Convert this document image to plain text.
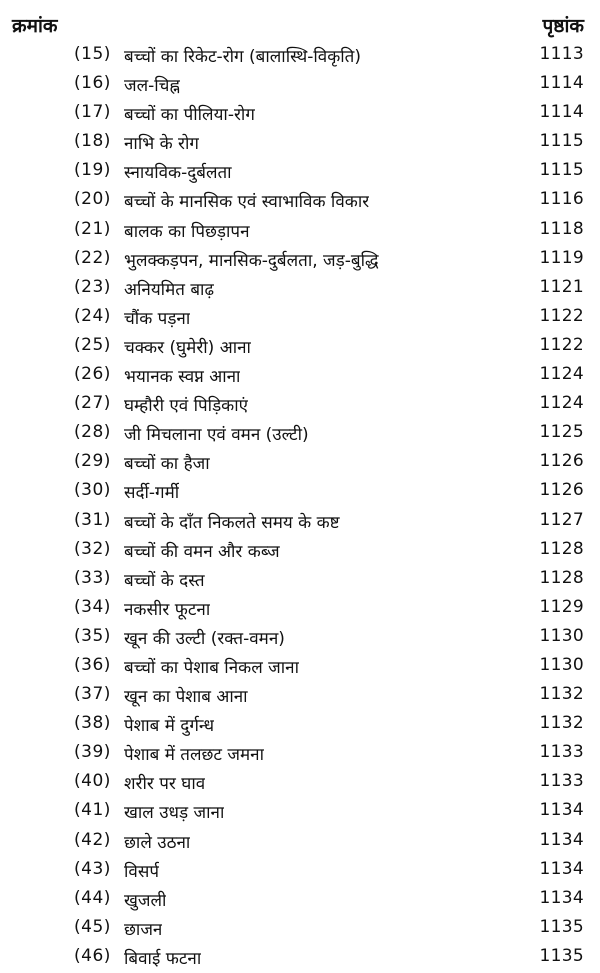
क्रमांक	पृष्ठांक
(15) बच्चों का रिकेट-रोग (बालास्थि-विकृति)	1113
(16) जल-चिह्न	1114
(17) बच्चों का पीलिया-रोग	1114
(18) नाभि के रोग	1115
(19) स्नायविक-दुर्बलता	1115
(20) बच्चों के मानसिक एवं स्वाभाविक विकार	1116
(21) बालक का पिछड़ापन	1118
(22) भुलक्कड़पन, मानसिक-दुर्बलता, जड़-बुद्धि	1119
(23) अनियमित बाढ़	1121
(24) चौंक पड़ना	1122
(25) चक्कर (घुमेरी) आना	1122
(26) भयानक स्वप्न आना	1124
(27) घम्हौरी एवं पिड़िकाएं	1124
(28) जी मिचलाना एवं वमन (उल्टी)	1125
(29) बच्चों का हैजा	1126
(30) सर्दी-गर्मी	1126
(31) बच्चों के दाँत निकलते समय के कष्ट	1127
(32) बच्चों की वमन और कब्ज	1128
(33) बच्चों के दस्त	1128
(34) नकसीर फूटना	1129
(35) खून की उल्टी (रक्त-वमन)	1130
(36) बच्चों का पेशाब निकल जाना	1130
(37) खून का पेशाब आना	1132
(38) पेशाब में दुर्गन्ध	1132
(39) पेशाब में तलछट जमना	1133
(40) शरीर पर घाव	1133
(41) खाल उधड़ जाना	1134
(42) छाले उठना	1134
(43) विसर्प	1134
(44) खुजली	1134
(45) छाजन	1135
(46) बिवाई फटना	1135
